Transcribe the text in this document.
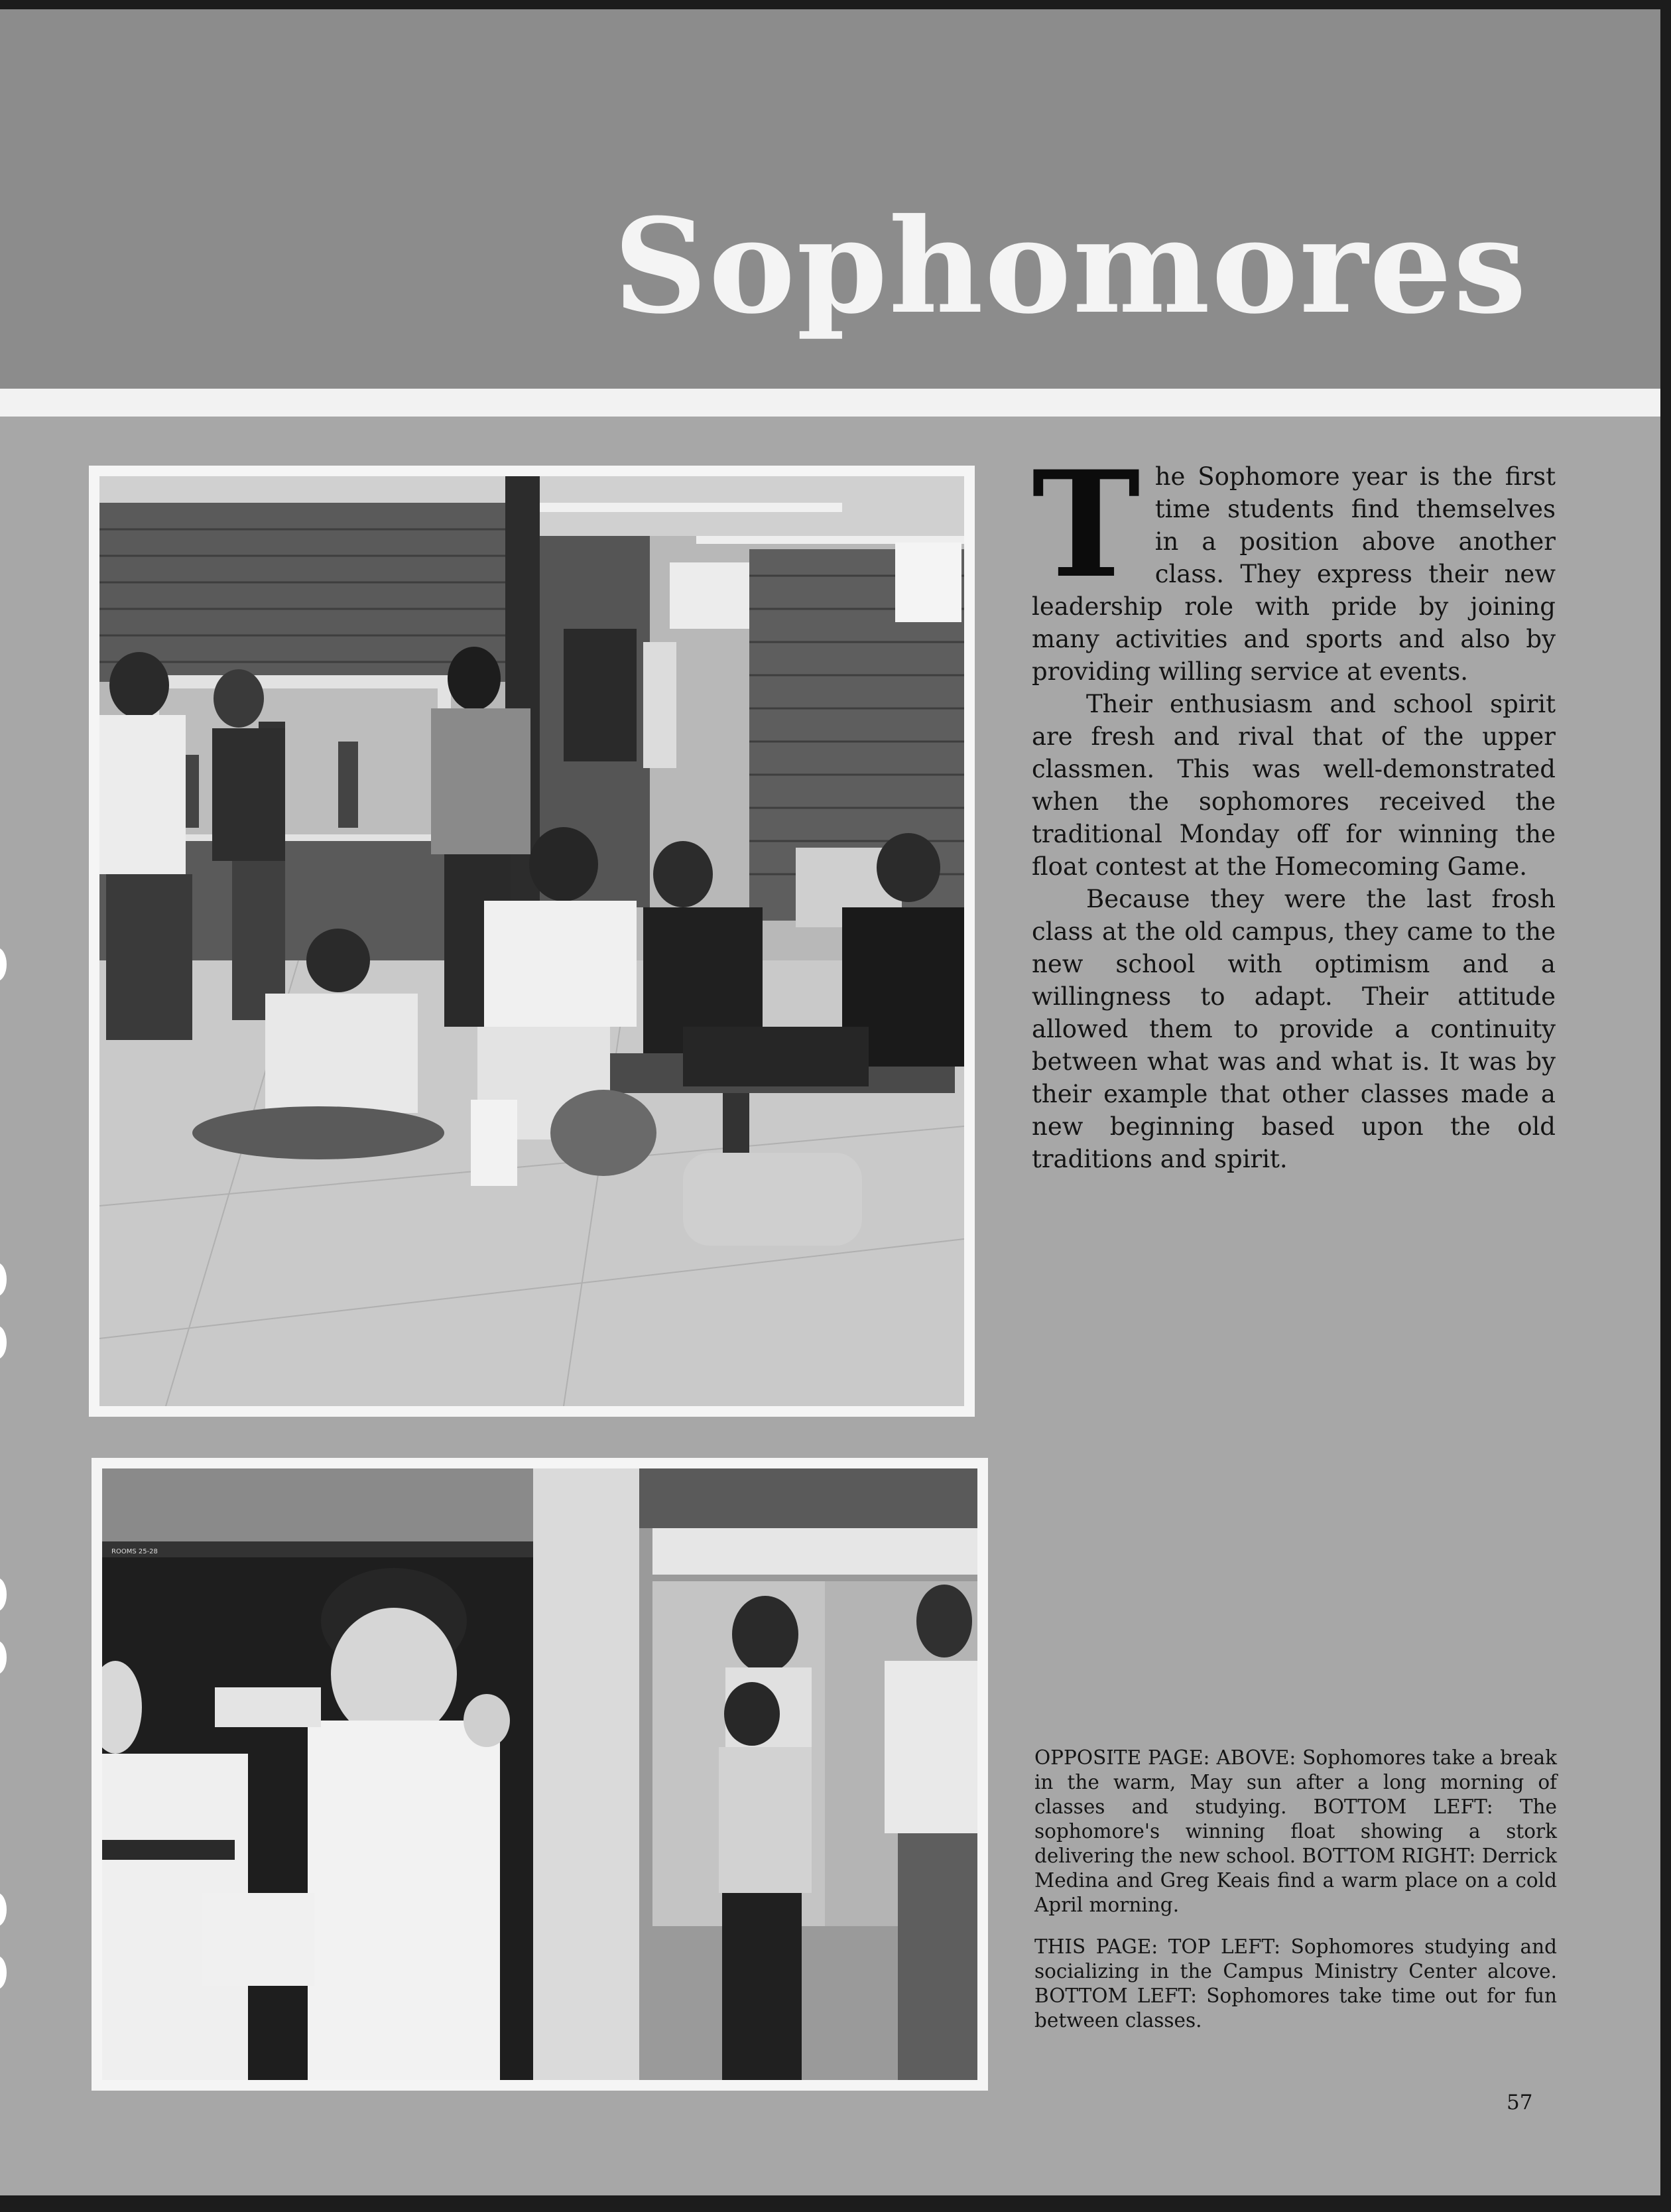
Sophomores
ROOMS 25-28

The Sophomore year is the first time students find themselves in a position above another class. They express their new leadership role with pride by joining many activities and sports and also by providing willing service at events.

Their enthusiasm and school spirit are fresh and rival that of the upper classmen. This was well-demonstrated when the sophomores received the traditional Monday off for winning the float contest at the Homecoming Game.

Because they were the last frosh class at the old campus, they came to the new school with optimism and a willingness to adapt. Their attitude allowed them to provide a continuity between what was and what is. It was by their example that other classes made a new beginning based upon the old traditions and spirit.

OPPOSITE PAGE: ABOVE: Sophomores take a break in the warm, May sun after a long morning of classes and studying. BOTTOM LEFT: The sophomore's winning float showing a stork delivering the new school. BOTTOM RIGHT: Derrick Medina and Greg Keais find a warm place on a cold April morning.

THIS PAGE: TOP LEFT: Sophomores studying and socializing in the Campus Ministry Center alcove. BOTTOM LEFT: Sophomores take time out for fun between classes.

57
